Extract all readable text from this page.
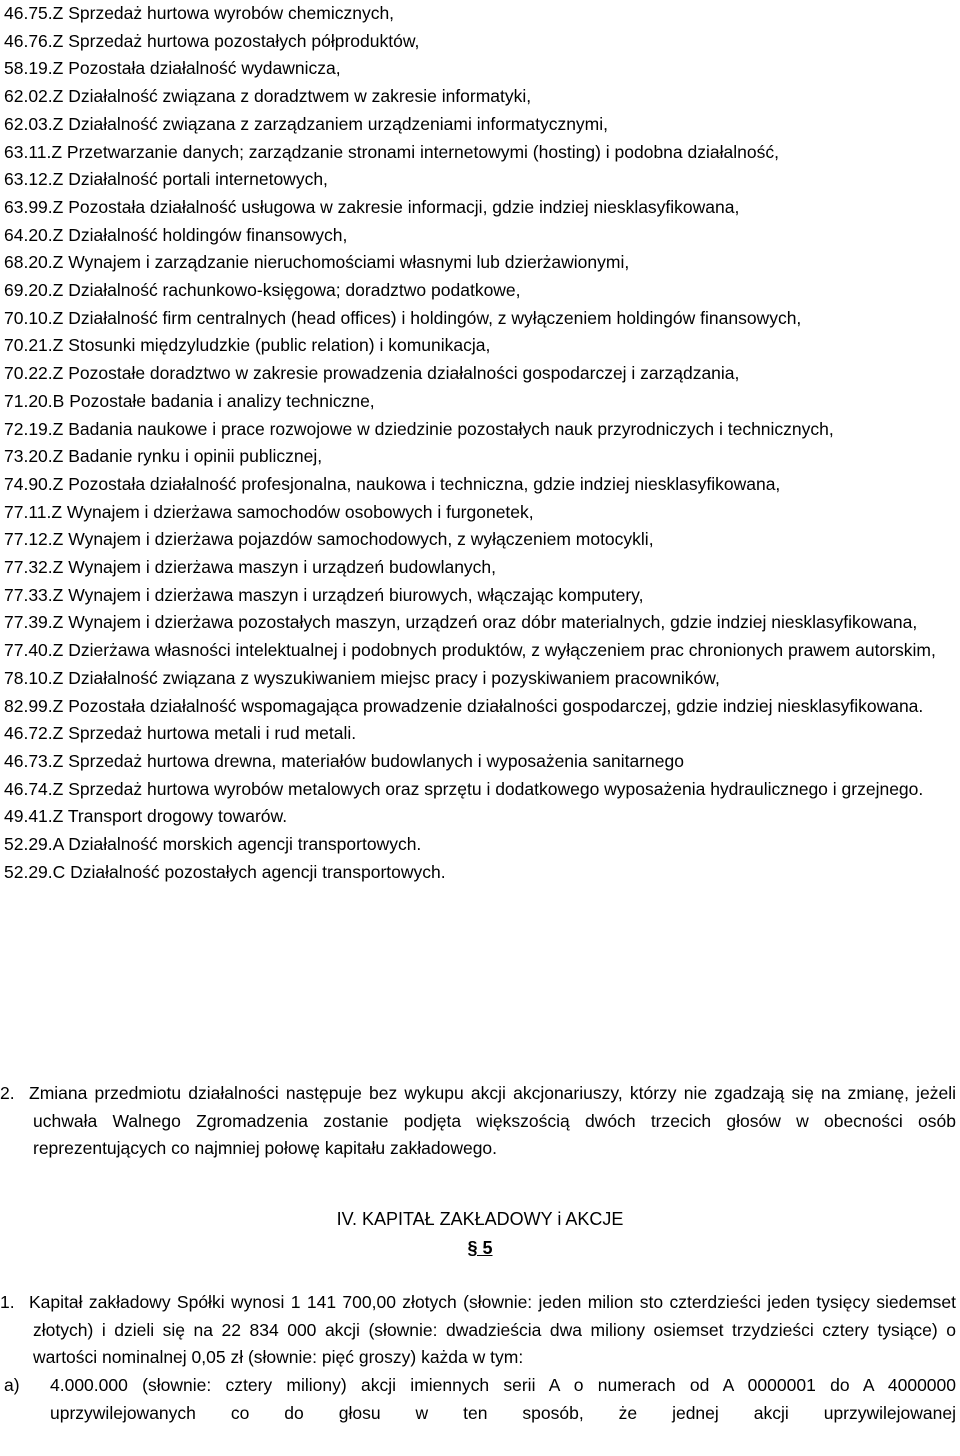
46.75.Z Sprzedaż hurtowa wyrobów chemicznych,

46.76.Z Sprzedaż hurtowa pozostałych półproduktów,

58.19.Z Pozostała działalność wydawnicza,

62.02.Z Działalność związana z doradztwem w zakresie informatyki,

62.03.Z Działalność związana z zarządzaniem urządzeniami informatycznymi,

63.11.Z Przetwarzanie danych; zarządzanie stronami internetowymi (hosting) i podobna działalność,

63.12.Z Działalność portali internetowych,

63.99.Z Pozostała działalność usługowa w zakresie informacji, gdzie indziej niesklasyfikowana,

64.20.Z Działalność holdingów finansowych,

68.20.Z Wynajem i zarządzanie nieruchomościami własnymi lub dzierżawionymi,

69.20.Z Działalność rachunkowo-księgowa; doradztwo podatkowe,

70.10.Z Działalność firm centralnych (head offices) i holdingów, z wyłączeniem holdingów finansowych,

70.21.Z Stosunki międzyludzkie (public relation) i komunikacja,

70.22.Z Pozostałe doradztwo w zakresie prowadzenia działalności gospodarczej i zarządzania,

71.20.B Pozostałe badania i analizy techniczne,

72.19.Z Badania naukowe i prace rozwojowe w dziedzinie pozostałych nauk przyrodniczych i technicznych,

73.20.Z Badanie rynku i opinii publicznej,

74.90.Z Pozostała działalność profesjonalna, naukowa i techniczna, gdzie indziej niesklasyfikowana,

77.11.Z Wynajem i dzierżawa samochodów osobowych i furgonetek,

77.12.Z Wynajem i dzierżawa pojazdów samochodowych, z wyłączeniem motocykli,

77.32.Z Wynajem i dzierżawa maszyn i urządzeń budowlanych,

77.33.Z Wynajem i dzierżawa maszyn i urządzeń biurowych, włączając komputery,

77.39.Z Wynajem i dzierżawa pozostałych maszyn, urządzeń oraz dóbr materialnych, gdzie indziej niesklasyfikowana,

77.40.Z Dzierżawa własności intelektualnej i podobnych produktów, z wyłączeniem prac chronionych prawem autorskim,

78.10.Z Działalność związana z wyszukiwaniem miejsc pracy i pozyskiwaniem pracowników,

82.99.Z Pozostała działalność wspomagająca prowadzenie działalności gospodarczej, gdzie indziej niesklasyfikowana.

46.72.Z Sprzedaż hurtowa metali i rud metali.

46.73.Z Sprzedaż hurtowa drewna, materiałów budowlanych i wyposażenia sanitarnego

46.74.Z Sprzedaż hurtowa wyrobów metalowych oraz sprzętu i dodatkowego wyposażenia hydraulicznego i grzejnego.

49.41.Z Transport drogowy towarów.

52.29.A Działalność morskich agencji transportowych.

52.29.C Działalność pozostałych agencji transportowych.

2. Zmiana przedmiotu działalności następuje bez wykupu akcji akcjonariuszy, którzy nie zgadzają się na zmianę, jeżeli uchwała Walnego Zgromadzenia zostanie podjęta większością dwóch trzecich głosów w obecności osób reprezentujących co najmniej połowę kapitału zakładowego.

IV. KAPITAŁ ZAKŁADOWY i AKCJE
§ 5

1. Kapitał zakładowy Spółki wynosi 1 141 700,00 złotych (słownie: jeden milion sto czterdzieści jeden tysięcy siedemset złotych) i dzieli się na 22 834 000 akcji (słownie: dwadzieścia dwa miliony osiemset trzydzieści cztery tysiące) o wartości nominalnej 0,05 zł (słownie: pięć groszy) każda w tym:

a) 4.000.000 (słownie: cztery miliony) akcji imiennych serii A o numerach od A 0000001 do A 4000000 uprzywilejowanych co do głosu w ten sposób, że jednej akcji uprzywilejowanej
